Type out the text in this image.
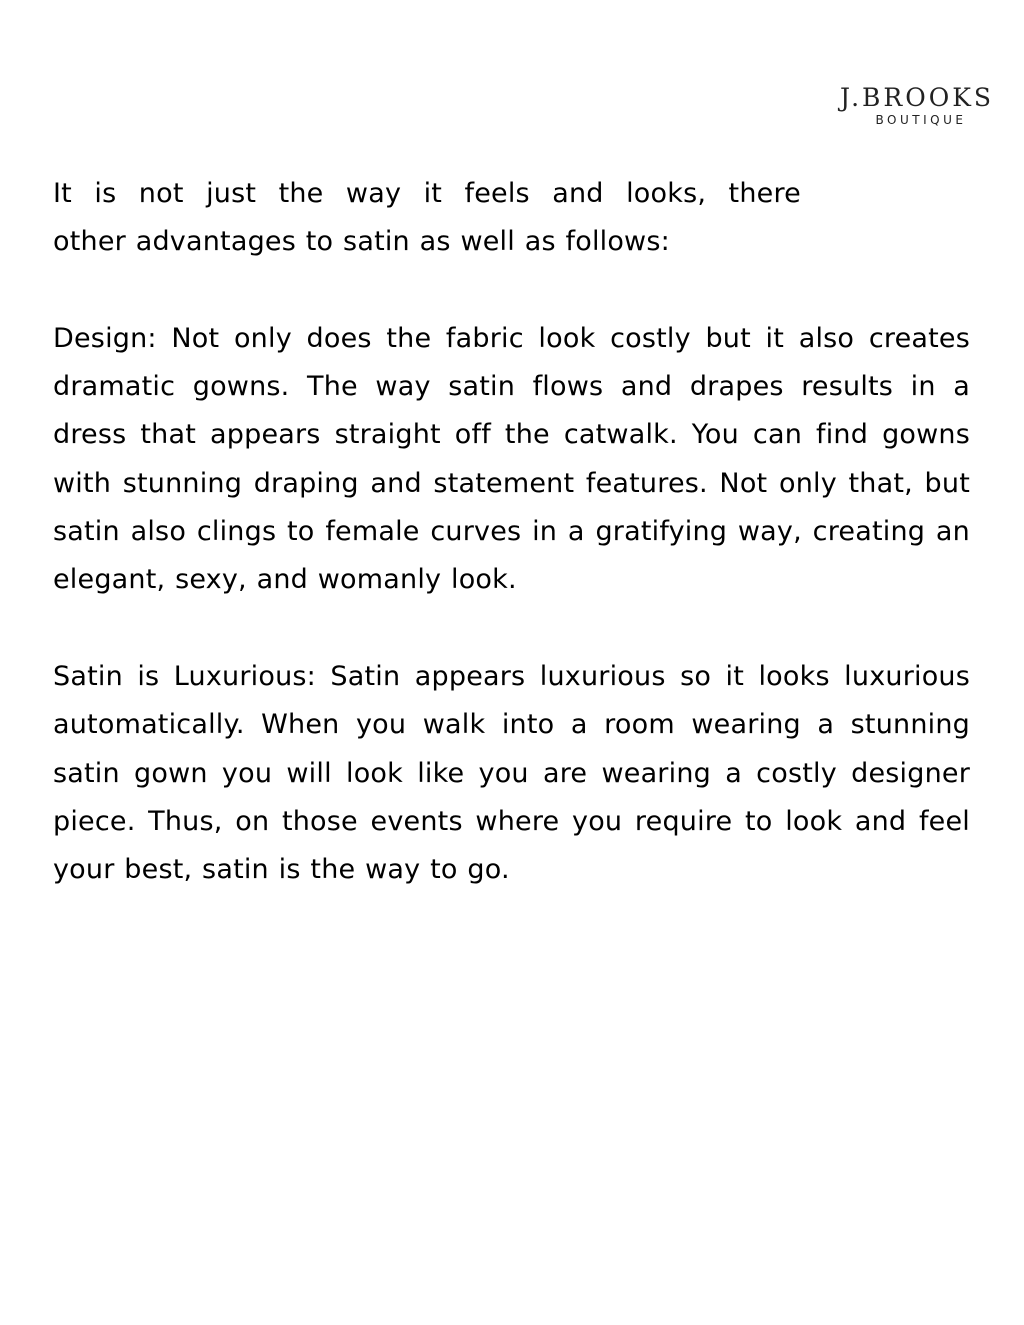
J.BROOKS
BOUTIQUE

It is not just the way it feels and looks, there
other advantages to satin as well as follows:

Design: Not only does the fabric look costly but it also creates dramatic gowns. The way satin flows and drapes results in a dress that appears straight off the catwalk. You can find gowns with stunning draping and statement features. Not only that, but satin also clings to female curves in a gratifying way, creating an elegant, sexy, and womanly look.

Satin is Luxurious: Satin appears luxurious so it looks luxurious automatically. When you walk into a room wearing a stunning satin gown you will look like you are wearing a costly designer piece. Thus, on those events where you require to look and feel your best, satin is the way to go.
